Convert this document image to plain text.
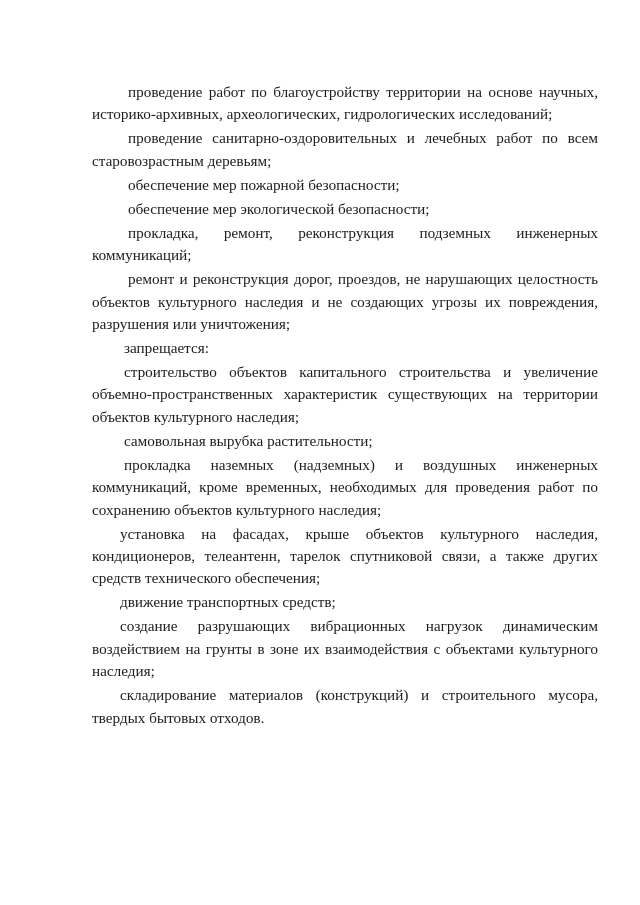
проведение работ по благоустройству территории на основе научных, историко-архивных, археологических, гидрологических исследований;

проведение санитарно-оздоровительных и лечебных работ по всем старовозрастным деревьям;

обеспечение мер пожарной безопасности;

обеспечение мер экологической безопасности;

прокладка, ремонт, реконструкция подземных инженерных коммуникаций;

ремонт и реконструкция дорог, проездов, не нарушающих целостность объектов культурного наследия и не создающих угрозы их повреждения, разрушения или уничтожения;

запрещается:

строительство объектов капитального строительства и увеличение объемно-пространственных характеристик существующих на территории объектов культурного наследия;

самовольная вырубка растительности;

прокладка наземных (надземных) и воздушных инженерных коммуникаций, кроме временных, необходимых для проведения работ по сохранению объектов культурного наследия;

установка на фасадах, крыше объектов культурного наследия, кондиционеров, телеантенн, тарелок спутниковой связи, а также других средств технического обеспечения;

движение транспортных средств;

создание разрушающих вибрационных нагрузок динамическим воздействием на грунты в зоне их взаимодействия с объектами культурного наследия;

складирование материалов (конструкций) и строительного мусора, твердых бытовых отходов.
